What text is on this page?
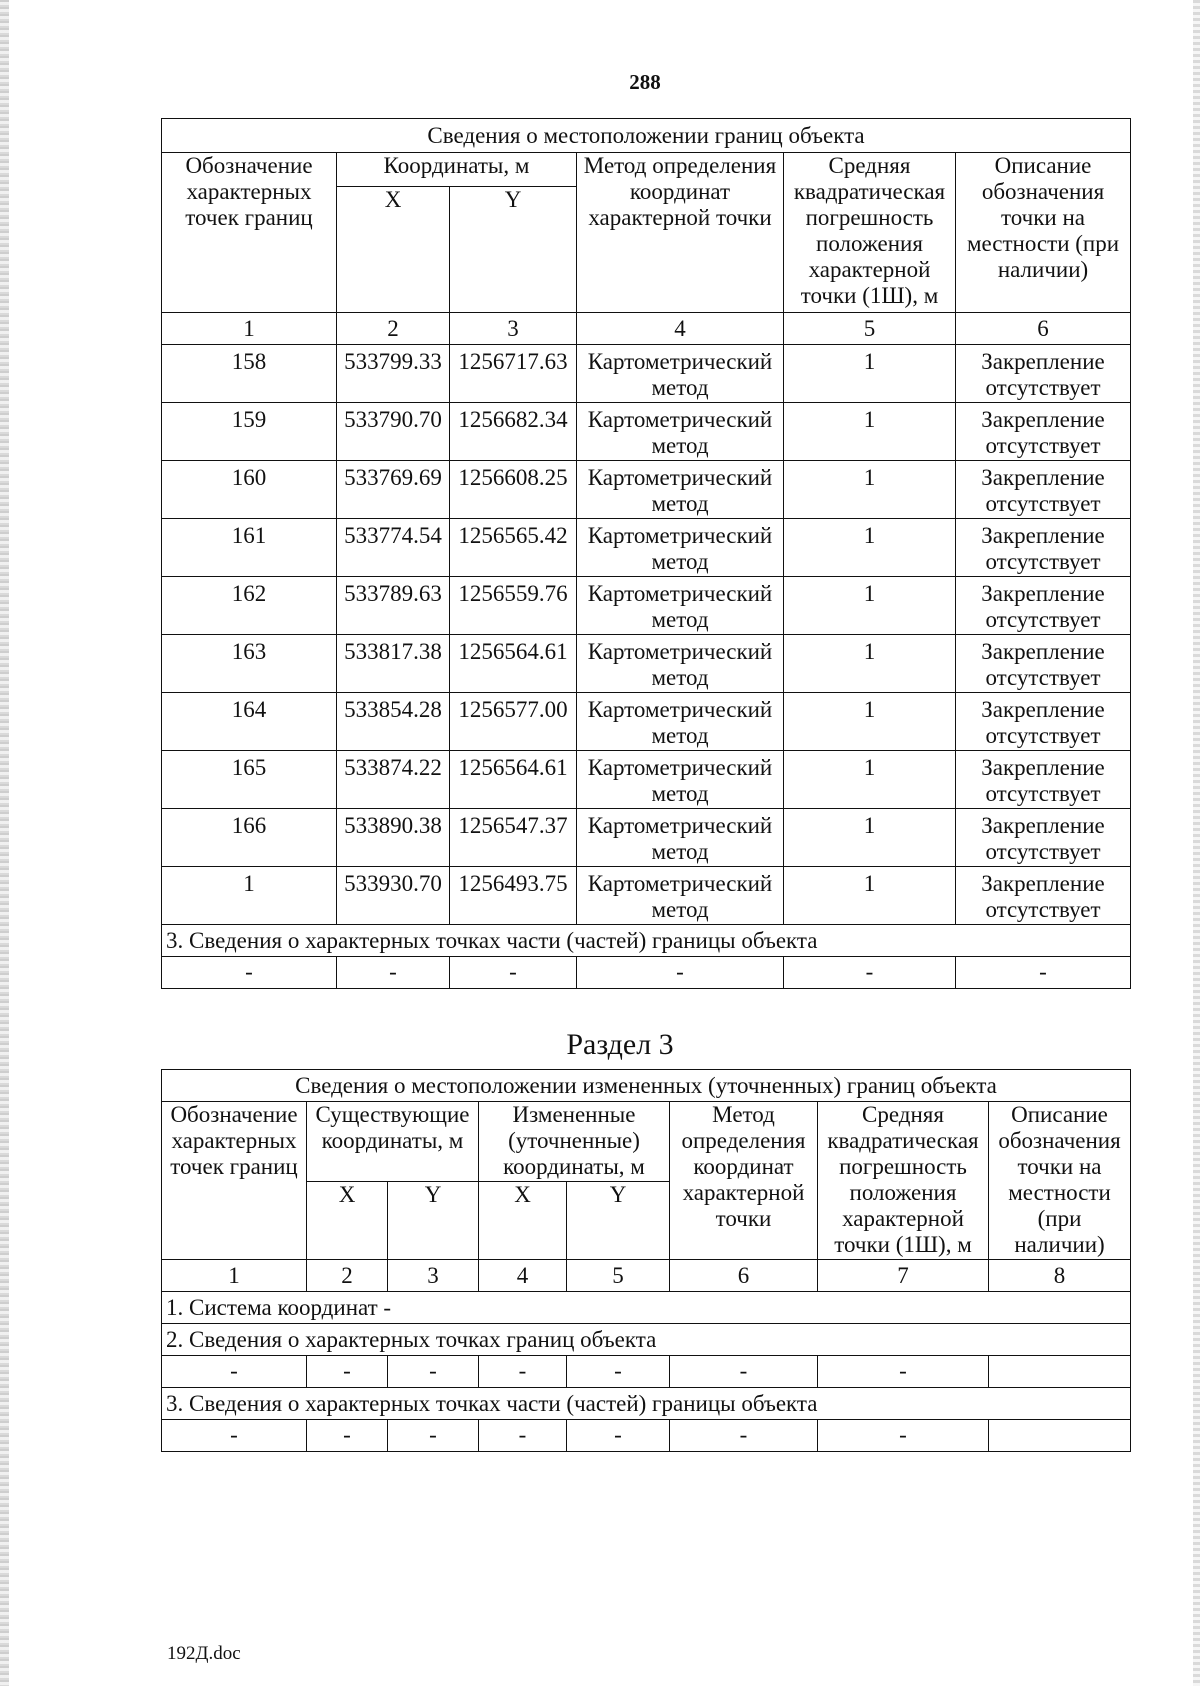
288
Сведения о местоположении границ объекта					
Обозначение характерных точек границ	Координаты, м		Метод определения координат характерной точки	Средняя квадратическая погрешность положения характерной точки (1Ш), м	Описание обозначения точки на местности (при наличии)
	X	Y			
1	2	3	4	5	6
158	533799.33	1256717.63	Картометрический метод	1	Закрепление отсутствует
159	533790.70	1256682.34	Картометрический метод	1	Закрепление отсутствует
160	533769.69	1256608.25	Картометрический метод	1	Закрепление отсутствует
161	533774.54	1256565.42	Картометрический метод	1	Закрепление отсутствует
162	533789.63	1256559.76	Картометрический метод	1	Закрепление отсутствует
163	533817.38	1256564.61	Картометрический метод	1	Закрепление отсутствует
164	533854.28	1256577.00	Картометрический метод	1	Закрепление отсутствует
165	533874.22	1256564.61	Картометрический метод	1	Закрепление отсутствует
166	533890.38	1256547.37	Картометрический метод	1	Закрепление отсутствует
1	533930.70	1256493.75	Картометрический метод	1	Закрепление отсутствует
3. Сведения о характерных точках части (частей) границы объекта					
-	-	-	-	-	-
Раздел 3
Сведения о местоположении измененных (уточненных) границ объекта							
Обозначение характерных точек границ	Существующие координаты, м		Измененные (уточненные) координаты, м		Метод определения координат характерной точки	Средняя квадратическая погрешность положения характерной точки (1Ш), м	Описание обозначения точки на местности (при наличии)
	X	Y	X	Y			
1	2	3	4	5	6	7	8
1. Система координат -							
2. Сведения о характерных точках границ объекта							
-	-	-	-	-	-	-	
3. Сведения о характерных точках части (частей) границы объекта							
-	-	-	-	-	-	-	
192Д.doc
